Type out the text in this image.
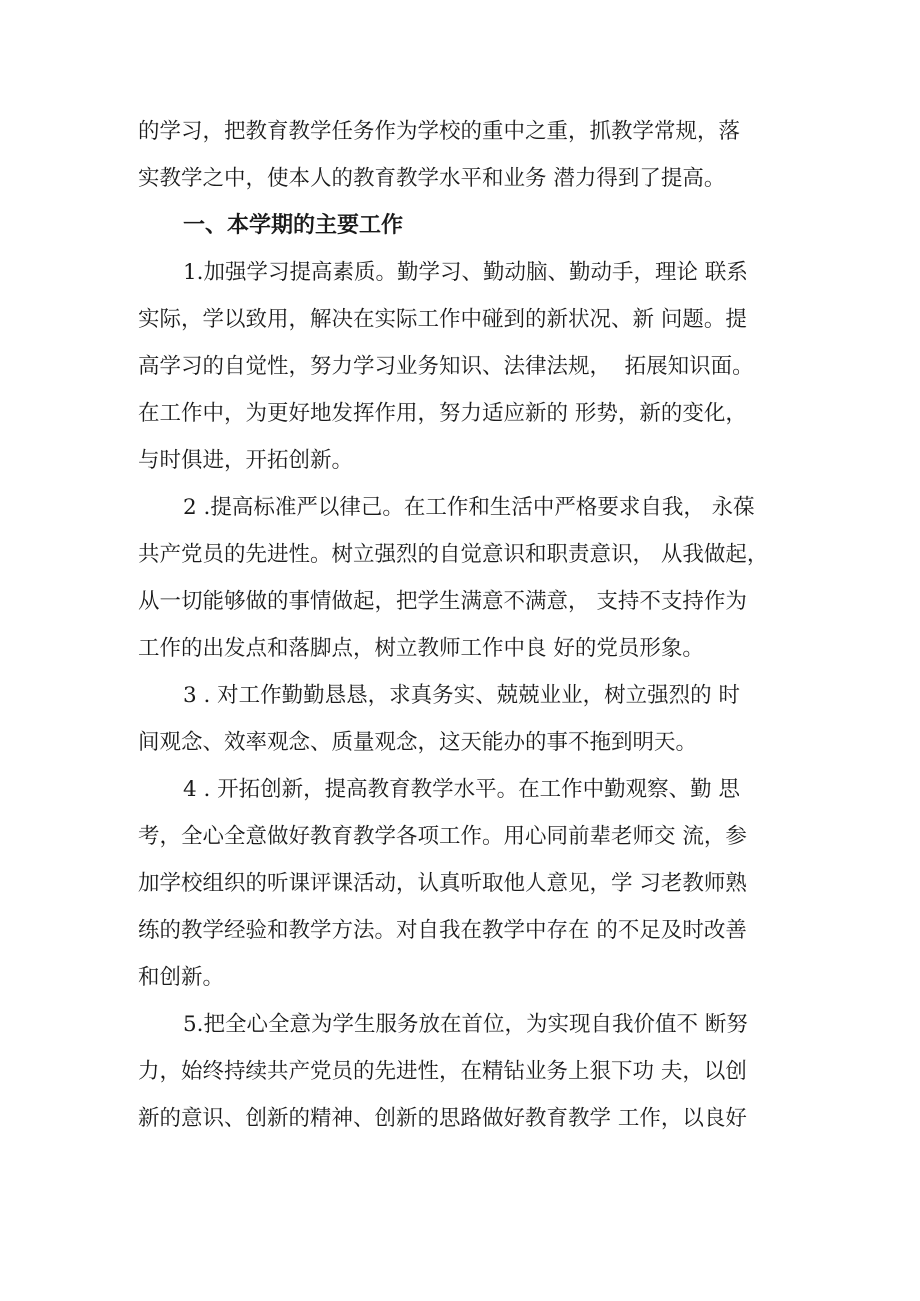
的学习，把教育教学任务作为学校的重中之重，抓教学常规，落
实教学之中，使本人的教育教学水平和业务 潜力得到了提高。
一、本学期的主要工作
1.加强学习提高素质。勤学习、勤动脑、勤动手，理论 联系
实际，学以致用，解决在实际工作中碰到的新状况、新 问题。提
高学习的自觉性，努力学习业务知识、法律法规，  拓展知识面。
在工作中，为更好地发挥作用，努力适应新的 形势，新的变化，
与时俱进，开拓创新。
2 .提高标准严以律己。在工作和生活中严格要求自我， 永葆
共产党员的先进性。树立强烈的自觉意识和职责意识， 从我做起，
从一切能够做的事情做起，把学生满意不满意， 支持不支持作为
工作的出发点和落脚点，树立教师工作中良 好的党员形象。
3 . 对工作勤勤恳恳，求真务实、兢兢业业，树立强烈的 时
间观念、效率观念、质量观念，这天能办的事不拖到明天。
4 . 开拓创新，提高教育教学水平。在工作中勤观察、勤 思
考，全心全意做好教育教学各项工作。用心同前辈老师交 流，参
加学校组织的听课评课活动，认真听取他人意见，学 习老教师熟
练的教学经验和教学方法。对自我在教学中存在 的不足及时改善
和创新。
5.把全心全意为学生服务放在首位，为实现自我价值不 断努
力，始终持续共产党员的先进性，在精钻业务上狠下功 夫，以创
新的意识、创新的精神、创新的思路做好教育教学 工作，以良好
